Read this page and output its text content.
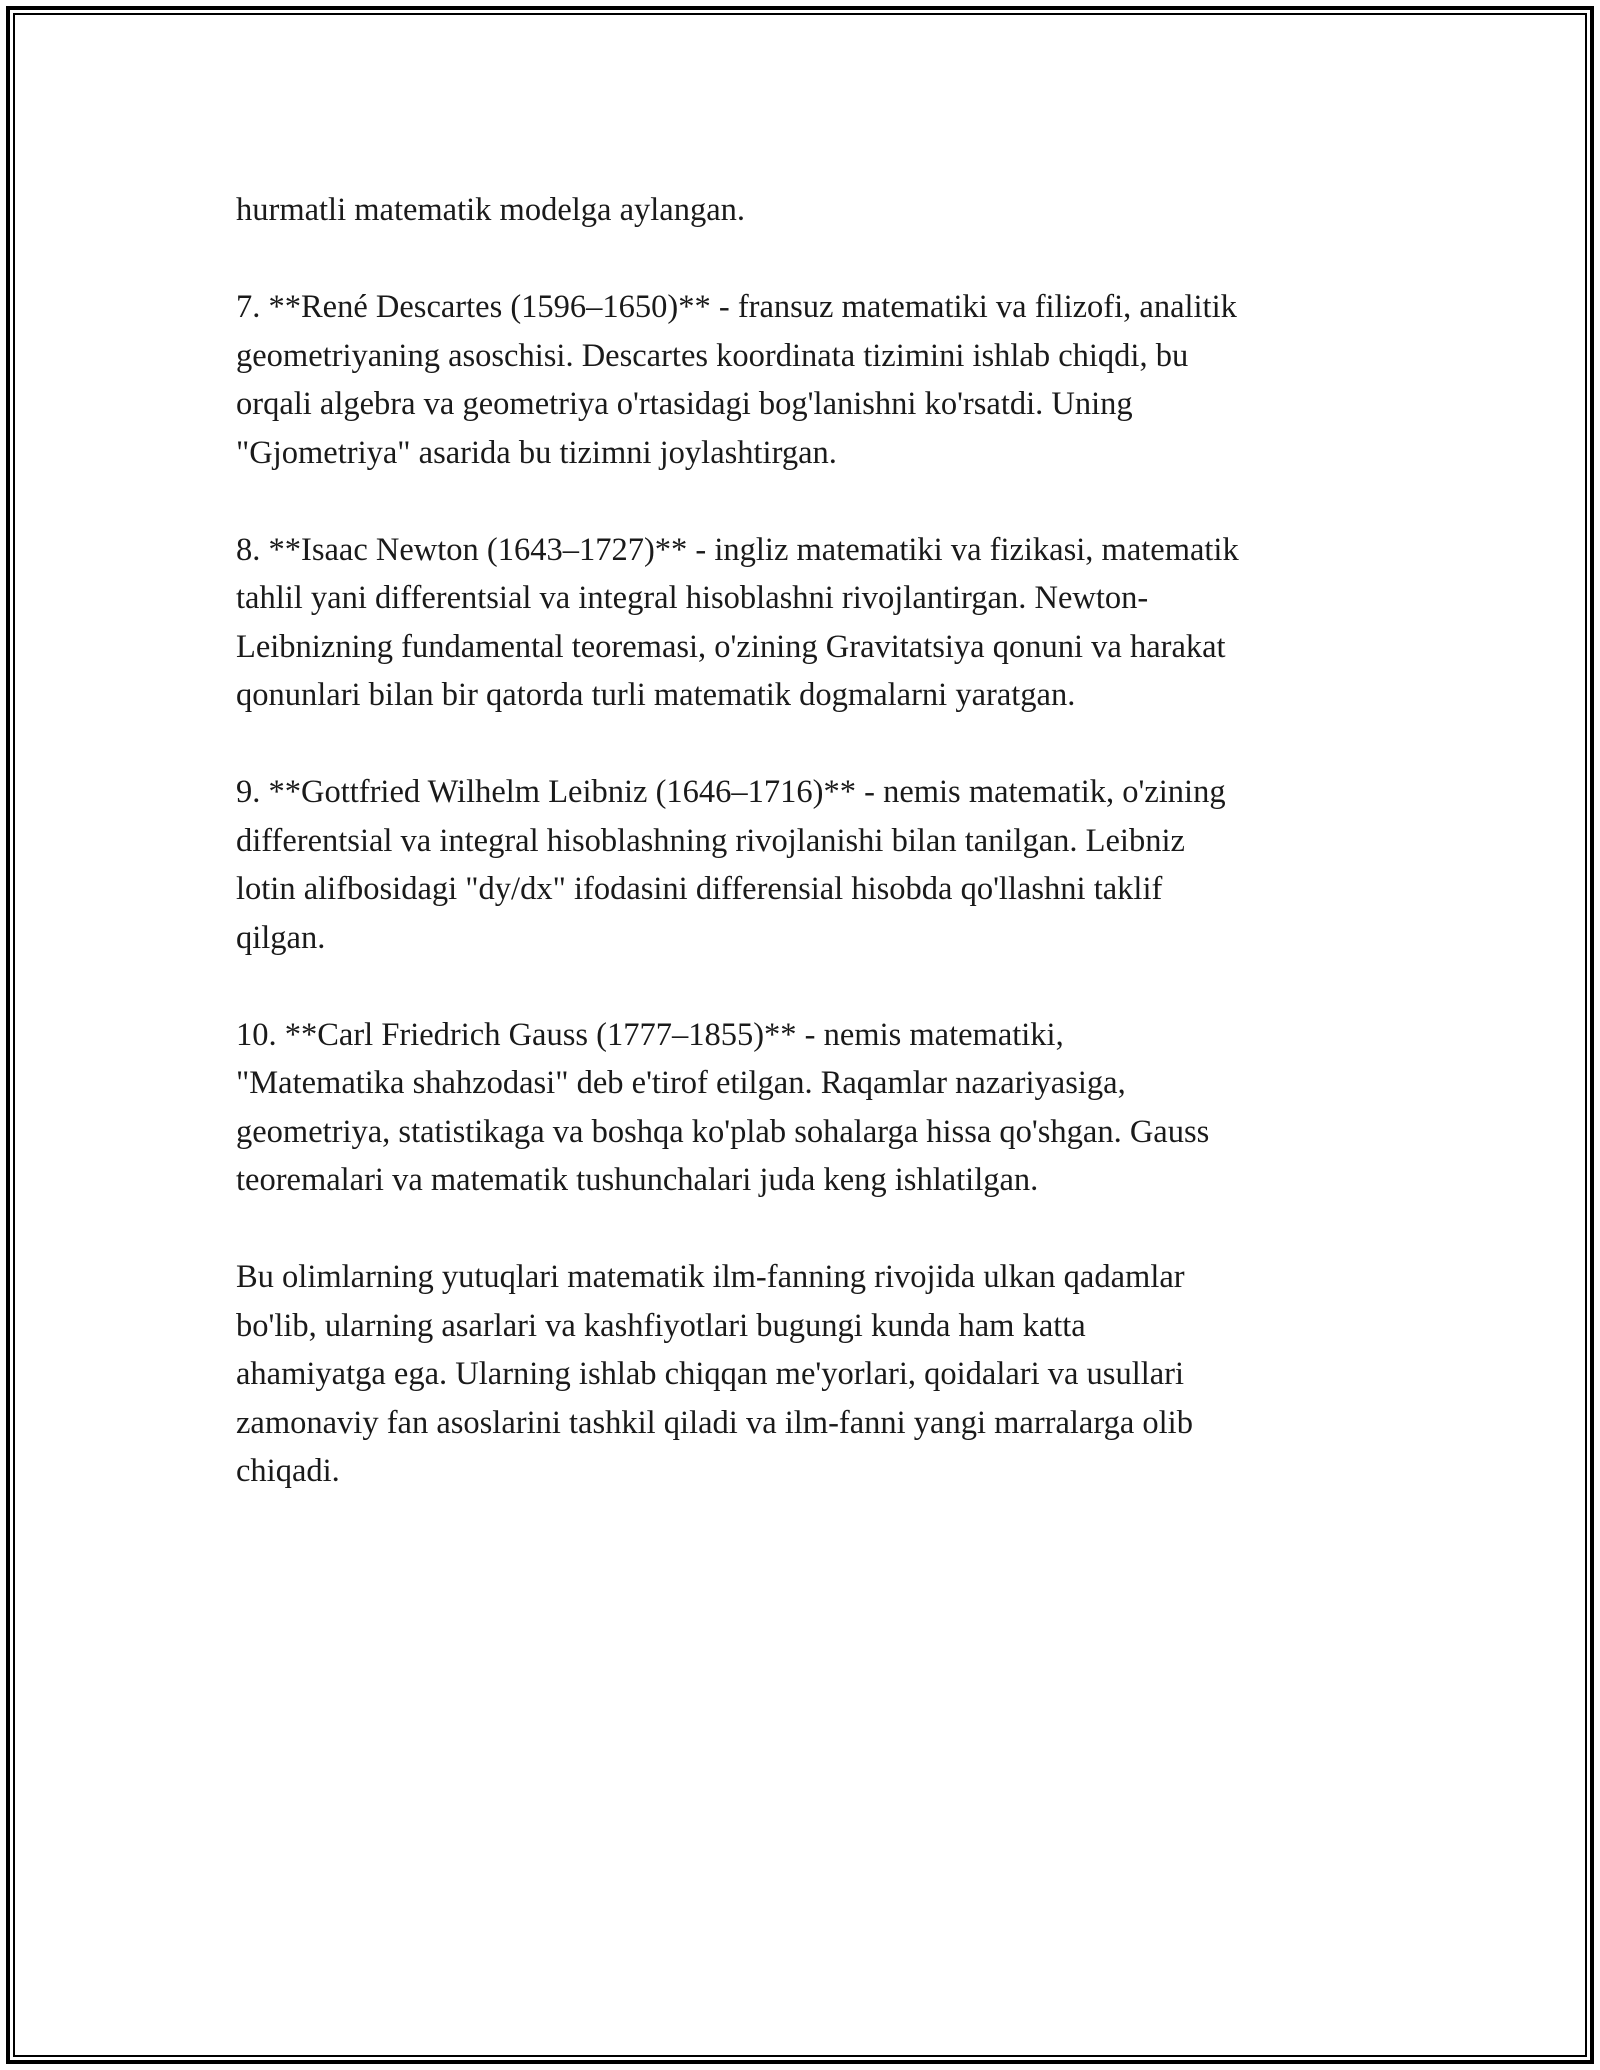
hurmatli matematik modelga aylangan.

7. **René Descartes (1596–1650)** - fransuz matematiki va filizofi, analitik
geometriyaning asoschisi. Descartes koordinata tizimini ishlab chiqdi, bu
orqali algebra va geometriya o'rtasidagi bog'lanishni ko'rsatdi. Uning
"Gjometriya" asarida bu tizimni joylashtirgan.

8. **Isaac Newton (1643–1727)** - ingliz matematiki va fizikasi, matematik
tahlil yani differentsial va integral hisoblashni rivojlantirgan. Newton-
Leibnizning fundamental teoremasi, o'zining Gravitatsiya qonuni va harakat
qonunlari bilan bir qatorda turli matematik dogmalarni yaratgan.

9. **Gottfried Wilhelm Leibniz (1646–1716)** - nemis matematik, o'zining
differentsial va integral hisoblashning rivojlanishi bilan tanilgan. Leibniz
lotin alifbosidagi "dy/dx" ifodasini differensial hisobda qo'llashni taklif
qilgan.

10. **Carl Friedrich Gauss (1777–1855)** - nemis matematiki,
"Matematika shahzodasi" deb e'tirof etilgan. Raqamlar nazariyasiga,
geometriya, statistikaga va boshqa ko'plab sohalarga hissa qo'shgan. Gauss
teoremalari va matematik tushunchalari juda keng ishlatilgan.

Bu olimlarning yutuqlari matematik ilm-fanning rivojida ulkan qadamlar
bo'lib, ularning asarlari va kashfiyotlari bugungi kunda ham katta
ahamiyatga ega. Ularning ishlab chiqqan me'yorlari, qoidalari va usullari
zamonaviy fan asoslarini tashkil qiladi va ilm-fanni yangi marralarga olib
chiqadi.
